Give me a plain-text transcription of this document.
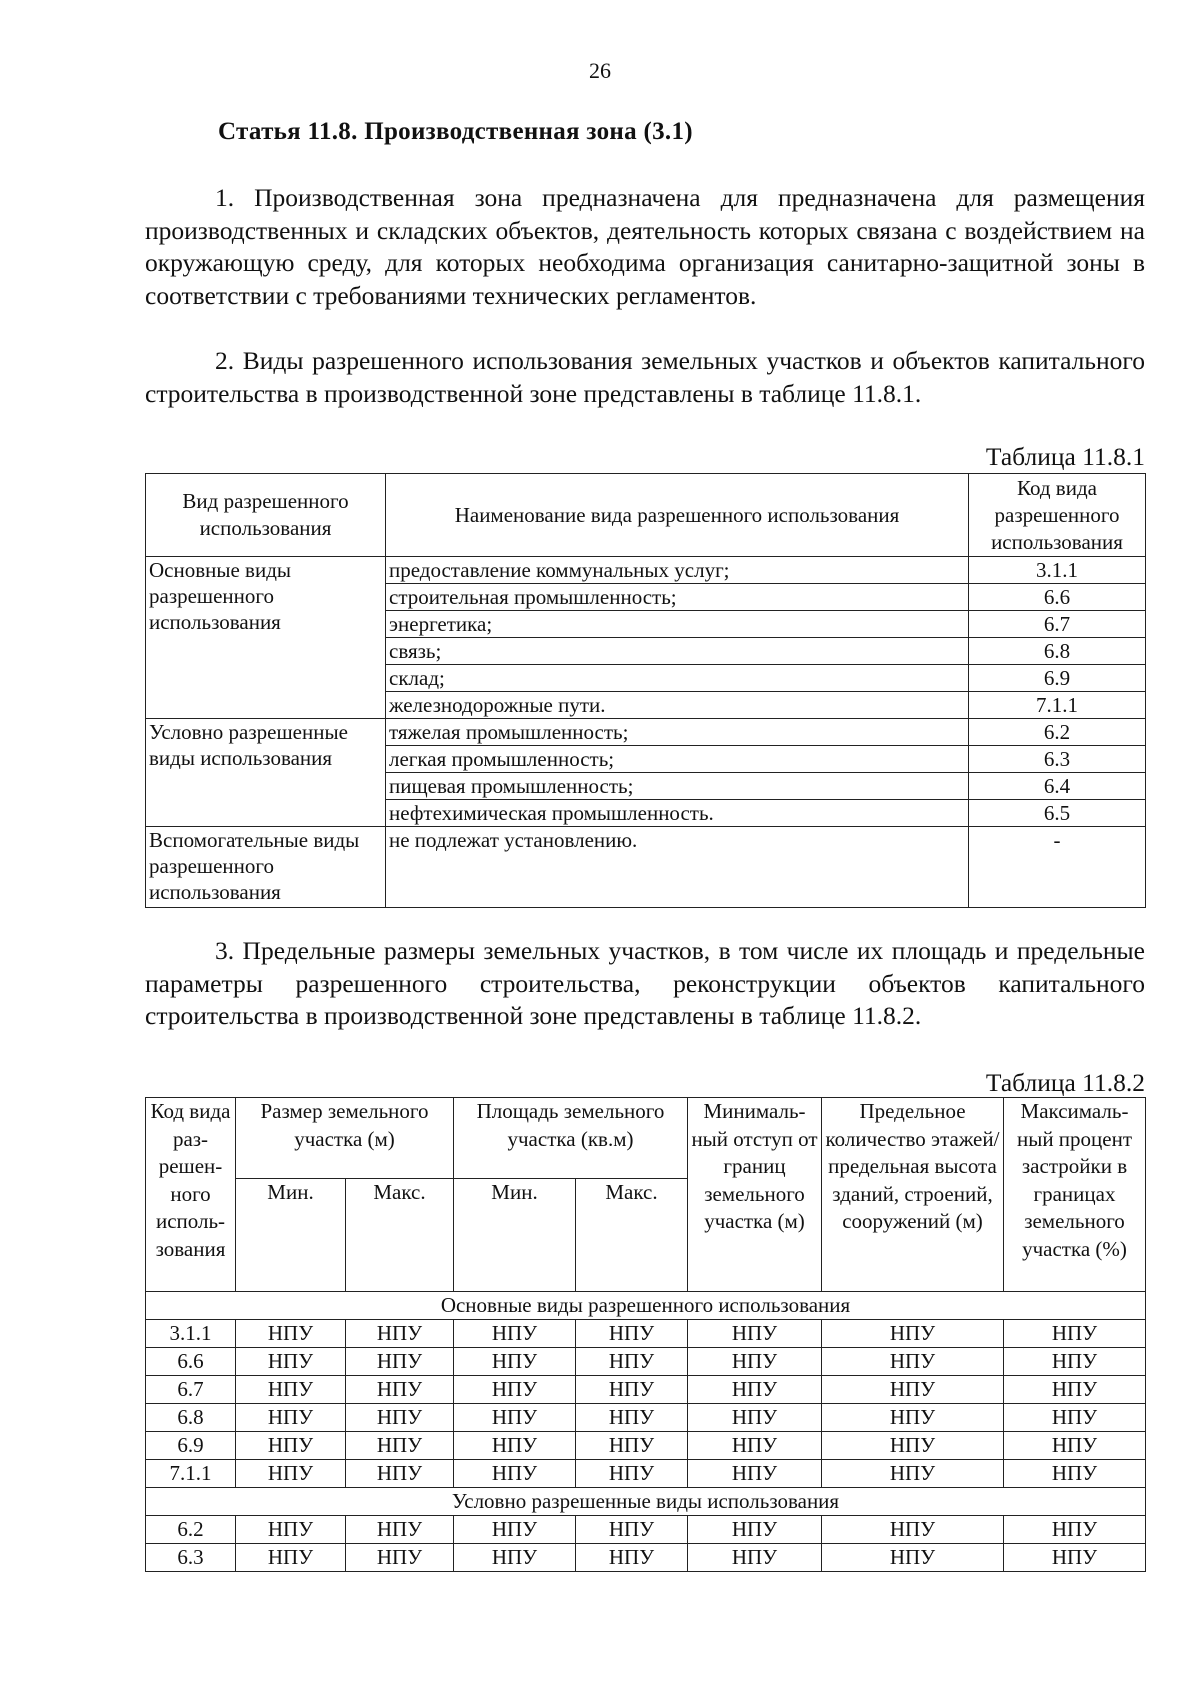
26
Статья 11.8. Производственная зона (3.1)
1. Производственная зона предназначена для предназначена для размещения производственных и складских объектов, деятельность которых связана с воздействием на окружающую среду, для которых необходима организация санитарно-защитной зоны в соответствии с требованиями технических регламентов.
2. Виды разрешенного использования земельных участков и объектов капитального строительства в производственной зоне представлены в таблице 11.8.1.
Таблица 11.8.1
Вид разрешенного использования	Наименование вида разрешенного использования	Код вида разрешенного использования
Основные виды разрешенного использования	предоставление коммунальных услуг;	3.1.1
	строительная промышленность;	6.6
	энергетика;	6.7
	связь;	6.8
	склад;	6.9
	железнодорожные пути.	7.1.1
Условно разрешенные виды использования	тяжелая промышленность;	6.2
	легкая промышленность;	6.3
	пищевая промышленность;	6.4
	нефтехимическая промышленность.	6.5
Вспомогательные виды разрешенного использования	не подлежат установлению.	-
3. Предельные размеры земельных участков, в том числе их площадь и предельные параметры разрешенного строительства, реконструкции объектов капитального строительства в производственной зоне представлены в таблице 11.8.2.
Таблица 11.8.2
Код вида раз-решен-ного исполь-зования	Размер земельного участка (м)		Площадь земельного участка (кв.м)		Минималь-ный отступ от границ земельного участка (м)	Предельное количество этажей/ предельная высота зданий, строений, сооружений (м)	Максималь-ный процент застройки в границах земельного участка (%)
	Мин.	Макс.	Мин.	Макс.			
Основные виды разрешенного использования							
3.1.1	НПУ	НПУ	НПУ	НПУ	НПУ	НПУ	НПУ
6.6	НПУ	НПУ	НПУ	НПУ	НПУ	НПУ	НПУ
6.7	НПУ	НПУ	НПУ	НПУ	НПУ	НПУ	НПУ
6.8	НПУ	НПУ	НПУ	НПУ	НПУ	НПУ	НПУ
6.9	НПУ	НПУ	НПУ	НПУ	НПУ	НПУ	НПУ
7.1.1	НПУ	НПУ	НПУ	НПУ	НПУ	НПУ	НПУ
Условно разрешенные виды использования							
6.2	НПУ	НПУ	НПУ	НПУ	НПУ	НПУ	НПУ
6.3	НПУ	НПУ	НПУ	НПУ	НПУ	НПУ	НПУ
